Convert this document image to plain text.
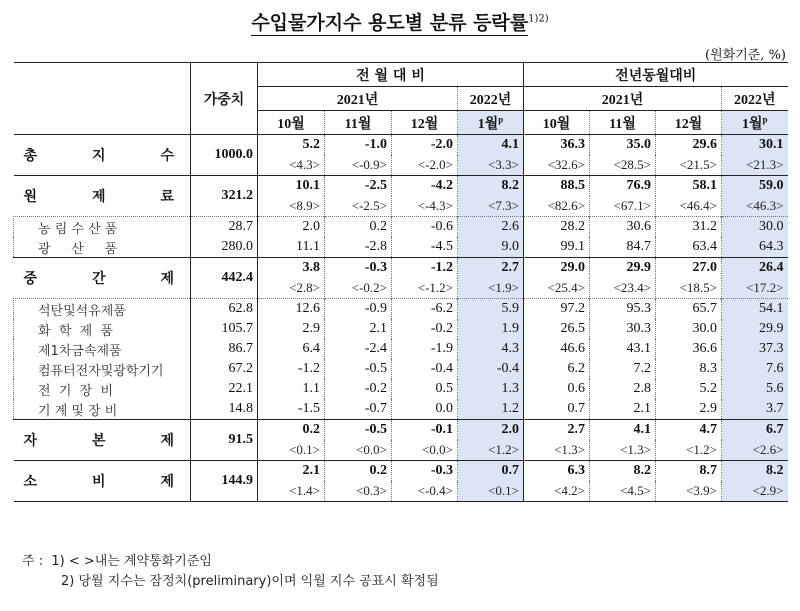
수입물가지수 용도별 분류 등락률$^{1)2)}$
(원화기준, %)
	가중치	전 월 대 비				전년동월대비			
		2021년			2022년	2021년			2022년
		10월	11월	12월	1월$^p$	10월	11월	12월	1월$^p$

총 지 수	1000.0	5.2	-1.0	-2.0	4.1	36.3	35.0	29.6	30.1
		<4.3>	<-0.9>	<-2.0>	<3.3>	<32.6>	<28.5>	<21.5>	<21.3>

원 제 료	321.2	10.1	-2.5	-4.2	8.2	88.5	76.9	58.1	59.0
		<8.9>	<-2.5>	<-4.3>	<7.3>	<82.6>	<67.1>	<46.4>	<46.3>
농 림 수 산 품	28.7	2.0	0.2	-0.6	2.6	28.2	30.6	31.2	30.0
광     산     품	280.0	11.1	-2.8	-4.5	9.0	99.1	84.7	63.4	64.3

중 간 제	442.4	3.8	-0.3	-1.2	2.7	29.0	29.9	27.0	26.4
		<2.8>	<-0.2>	<-1.2>	<1.9>	<25.4>	<23.4>	<18.5>	<17.2>
석탄및석유제품	62.8	12.6	-0.9	-6.2	5.9	97.2	95.3	65.7	54.1
화  학  제  품	105.7	2.9	2.1	-0.2	1.9	26.5	30.3	30.0	29.9
제1차금속제품	86.7	6.4	-2.4	-1.9	4.3	46.6	43.1	36.6	37.3
컴퓨터전자및광학기기	67.2	-1.2	-0.5	-0.4	-0.4	6.2	7.2	8.3	7.6
전  기  장  비	22.1	1.1	-0.2	0.5	1.3	0.6	2.8	5.2	5.6
기 계 및 장 비	14.8	-1.5	-0.7	0.0	1.2	0.7	2.1	2.9	3.7

자 본 제	91.5	0.2	-0.5	-0.1	2.0	2.7	4.1	4.7	6.7
		<0.1>	<0.0>	<0.0>	<1.2>	<1.3>	<1.3>	<1.2>	<2.6>

소 비 제	144.9	2.1	0.2	-0.3	0.7	6.3	8.2	8.7	8.2
		<1.4>	<0.3>	<-0.4>	<0.1>	<4.2>	<4.5>	<3.9>	<2.9>
주 : 1) < >내는 계약통화기준임
2) 당월 지수는 잠정치(preliminary)이며 익월 지수 공표시 확정됨
